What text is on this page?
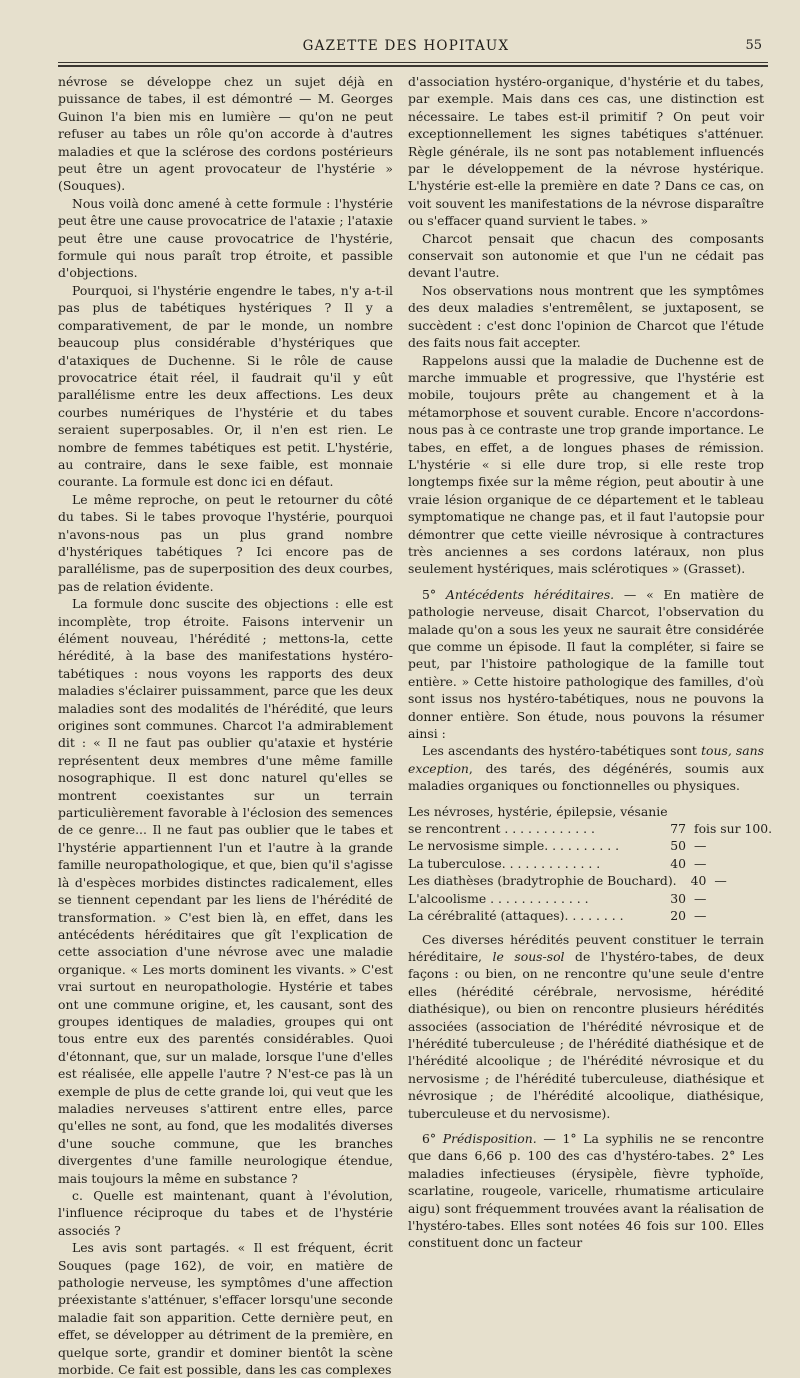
GAZETTE DES HOPITAUX	55

névrose se développe chez un sujet déjà en puissance de tabes, il est démontré — M. Georges Guinon l'a bien mis en lumière — qu'on ne peut refuser au tabes un rôle qu'on accorde à d'autres maladies et que la sclérose des cordons postérieurs peut être un agent provocateur de l'hystérie » (Souques).

Nous voilà donc amené à cette formule : l'hystérie peut être une cause provocatrice de l'ataxie ; l'ataxie peut être une cause provocatrice de l'hystérie, formule qui nous paraît trop étroite, et passible d'objections.

Pourquoi, si l'hystérie engendre le tabes, n'y a-t-il pas plus de tabétiques hystériques ? Il y a comparativement, de par le monde, un nombre beaucoup plus considérable d'hystériques que d'ataxiques de Duchenne. Si le rôle de cause provocatrice était réel, il faudrait qu'il y eût parallélisme entre les deux affections. Les deux courbes numériques de l'hystérie et du tabes seraient superposables. Or, il n'en est rien. Le nombre de femmes tabétiques est petit. L'hystérie, au contraire, dans le sexe faible, est monnaie courante. La formule est donc ici en défaut.

Le même reproche, on peut le retourner du côté du tabes. Si le tabes provoque l'hystérie, pourquoi n'avons-nous pas un plus grand nombre d'hystériques tabétiques ? Ici encore pas de parallélisme, pas de superposition des deux courbes, pas de relation évidente.

La formule donc suscite des objections : elle est incomplète, trop étroite. Faisons intervenir un élément nouveau, l'hérédité ; mettons-la, cette hérédité, à la base des manifestations hystéro-tabétiques : nous voyons les rapports des deux maladies s'éclairer puissamment, parce que les deux maladies sont des modalités de l'hérédité, que leurs origines sont communes. Charcot l'a admirablement dit : « Il ne faut pas oublier qu'ataxie et hystérie représentent deux membres d'une même famille nosographique. Il est donc naturel qu'elles se montrent coexistantes sur un terrain particulièrement favorable à l'éclosion des semences de ce genre... Il ne faut pas oublier que le tabes et l'hystérie appartiennent l'un et l'autre à la grande famille neuropathologique, et que, bien qu'il s'agisse là d'espèces morbides distinctes radicalement, elles se tiennent cependant par les liens de l'hérédité de transformation. » C'est bien là, en effet, dans les antécédents héréditaires que gît l'explication de cette association d'une névrose avec une maladie organique. « Les morts dominent les vivants. » C'est vrai surtout en neuropathologie. Hystérie et tabes ont une commune origine, et, les causant, sont des groupes identiques de maladies, groupes qui ont tous entre eux des parentés considérables. Quoi d'étonnant, que, sur un malade, lorsque l'une d'elles est réalisée, elle appelle l'autre ? N'est-ce pas là un exemple de plus de cette grande loi, qui veut que les maladies nerveuses s'attirent entre elles, parce qu'elles ne sont, au fond, que les modalités diverses d'une souche commune, que les branches divergentes d'une famille neurologique étendue, mais toujours la même en substance ?

c. Quelle est maintenant, quant à l'évolution, l'influence réciproque du tabes et de l'hystérie associés ?

Les avis sont partagés. « Il est fréquent, écrit Souques (page 162), de voir, en matière de pathologie nerveuse, les symptômes d'une affection préexistante s'atténuer, s'effacer lorsqu'une seconde maladie fait son apparition. Cette dernière peut, en effet, se développer au détriment de la première, en quelque sorte, grandir et dominer bientôt la scène morbide. Ce fait est possible, dans les cas complexes

d'association hystéro-organique, d'hystérie et du tabes, par exemple. Mais dans ces cas, une distinction est nécessaire. Le tabes est-il primitif ? On peut voir exceptionnellement les signes tabétiques s'atténuer. Règle générale, ils ne sont pas notablement influencés par le développement de la névrose hystérique. L'hystérie est-elle la première en date ? Dans ce cas, on voit souvent les manifestations de la névrose disparaître ou s'effacer quand survient le tabes. »

Charcot pensait que chacun des composants conservait son autonomie et que l'un ne cédait pas devant l'autre.

Nos observations nous montrent que les symptômes des deux maladies s'entremêlent, se juxtaposent, se succèdent : c'est donc l'opinion de Charcot que l'étude des faits nous fait accepter.

Rappelons aussi que la maladie de Duchenne est de marche immuable et progressive, que l'hystérie est mobile, toujours prête au changement et à la métamorphose et souvent curable. Encore n'accordons-nous pas à ce contraste une trop grande importance. Le tabes, en effet, a de longues phases de rémission. L'hystérie « si elle dure trop, si elle reste trop longtemps fixée sur la même région, peut aboutir à une vraie lésion organique de ce département et le tableau symptomatique ne change pas, et il faut l'autopsie pour démontrer que cette vieille névrosique à contractures très anciennes a ses cordons latéraux, non plus seulement hystériques, mais sclérotiques » (Grasset).

5° Antécédents héréditaires. — « En matière de pathologie nerveuse, disait Charcot, l'observation du malade qu'on a sous les yeux ne saurait être considérée que comme un épisode. Il faut la compléter, si faire se peut, par l'histoire pathologique de la famille tout entière. » Cette histoire pathologique des familles, d'où sont issus nos hystéro-tabétiques, nous ne pouvons la donner entière. Son étude, nous pouvons la résumer ainsi :

Les ascendants des hystéro-tabétiques sont tous, sans exception, des tarés, des dégénérés, soumis aux maladies organiques ou fonctionnelles ou physiques.

Les névroses, hystérie, épilepsie, vésanie
se rencontrent . . . . . . . . . . . .	77 fois sur 100.
Le nervosisme simple. . . . . . . . . .	50 —
La tuberculose. . . . . . . . . . . . .	40 —
Les diathèses (bradytrophie de Bouchard).	40 —
L'alcoolisme . . . . . . . . . . . . .	30 —
La cérébralité (attaques). . . . . . . .	20 —

Ces diverses hérédités peuvent constituer le terrain héréditaire, le sous-sol de l'hystéro-tabes, de deux façons : ou bien, on ne rencontre qu'une seule d'entre elles (hérédité cérébrale, nervosisme, hérédité diathésique), ou bien on rencontre plusieurs hérédités associées (association de l'hérédité névrosique et de l'hérédité tuberculeuse ; de l'hérédité diathésique et de l'hérédité alcoolique ; de l'hérédité névrosique et du nervosisme ; de l'hérédité tuberculeuse, diathésique et névrosique ; de l'hérédité alcoolique, diathésique, tuberculeuse et du nervosisme).

6° Prédisposition. — 1° La syphilis ne se rencontre que dans 6,66 p. 100 des cas d'hystéro-tabes. 2° Les maladies infectieuses (érysipèle, fièvre typhoïde, scarlatine, rougeole, varicelle, rhumatisme articulaire aigu) sont fréquemment trouvées avant la réalisation de l'hystéro-tabes. Elles sont notées 46 fois sur 100. Elles constituent donc un facteur
